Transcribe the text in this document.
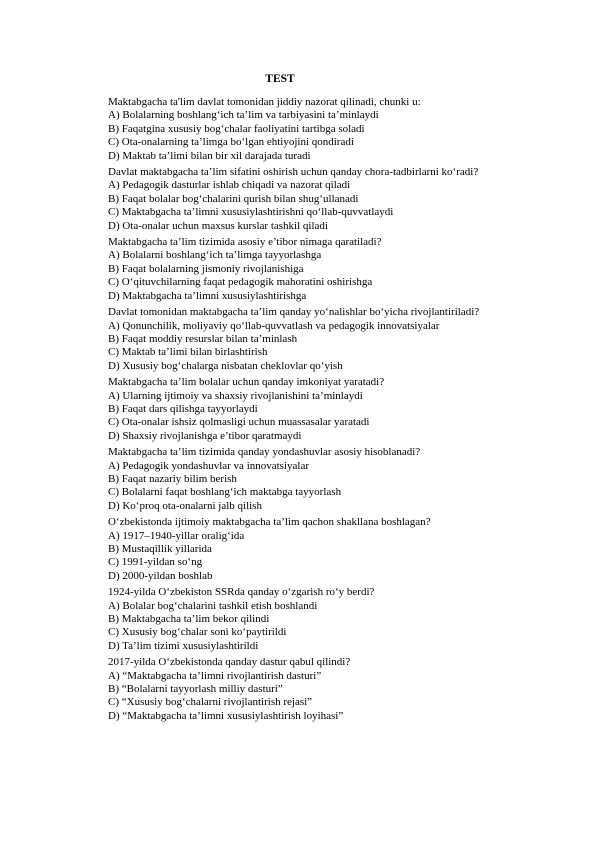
TEST
Maktabgacha ta'lim davlat tomonidan jiddiy nazorat qilinadi, chunki u:
A) Bolalarning boshlang‘ich ta’lim va tarbiyasini ta’minlaydi
B) Faqatgina xususiy bog‘chalar faoliyatini tartibga soladi
C) Ota-onalarning ta’limga bo‘lgan ehtiyojini qondiradi
D) Maktab ta’limi bilan bir xil darajada turadi
Davlat maktabgacha ta’lim sifatini oshirish uchun qanday chora-tadbirlarni ko‘radi?
A) Pedagogik dasturlar ishlab chiqadi va nazorat qiladi
B) Faqat bolalar bog‘chalarini qurish bilan shug‘ullanadi
C) Maktabgacha ta’limni xususiylashtirishni qo‘llab-quvvatlaydi
D) Ota-onalar uchun maxsus kurslar tashkil qiladi
Maktabgacha ta’lim tizimida asosiy e’tibor nimaga qaratiladi?
A) Bolalarni boshlang‘ich ta’limga tayyorlashga
B) Faqat bolalarning jismoniy rivojlanishiga
C) O‘qituvchilarning faqat pedagogik mahoratini oshirishga
D) Maktabgacha ta’limni xususiylashtirishga
Davlat tomonidan maktabgacha ta’lim qanday yo‘nalishlar bo‘yicha rivojlantiriladi?
A) Qonunchilik, moliyaviy qo‘llab-quvvatlash va pedagogik innovatsiyalar
B) Faqat moddiy resurslar bilan ta’minlash
C) Maktab ta’limi bilan birlashtirish
D) Xususiy bog‘chalarga nisbatan cheklovlar qo‘yish
Maktabgacha ta’lim bolalar uchun qanday imkoniyat yaratadi?
A) Ularning ijtimoiy va shaxsiy rivojlanishini ta’minlaydi
B) Faqat dars qilishga tayyorlaydi
C) Ota-onalar ishsiz qolmasligi uchun muassasalar yaratadi
D) Shaxsiy rivojlanishga e’tibor qaratmaydi
Maktabgacha ta’lim tizimida qanday yondashuvlar asosiy hisoblanadi?
A) Pedagogik yondashuvlar va innovatsiyalar
B) Faqat nazariy bilim berish
C) Bolalarni faqat boshlang‘ich maktabga tayyorlash
D) Ko‘proq ota-onalarni jalb qilish
O‘zbekistonda ijtimoiy maktabgacha ta’lim qachon shakllana boshlagan?
A) 1917–1940-yillar oralig‘ida
B) Mustaqillik yillarida
C) 1991-yildan so‘ng
D) 2000-yildan boshlab
1924-yilda O‘zbekiston SSRda qanday o‘zgarish ro‘y berdi?
A) Bolalar bog‘chalarini tashkil etish boshlandi
B) Maktabgacha ta’lim bekor qilindi
C) Xususiy bog‘chalar soni ko‘paytirildi
D) Ta’lim tizimi xususiylashtirildi
2017-yilda O‘zbekistonda qanday dastur qabul qilindi?
A) “Maktabgacha ta’limni rivojlantirish dasturi”
B) “Bolalarni tayyorlash milliy dasturi”
C) “Xususiy bog‘chalarni rivojlantirish rejasi”
D) “Maktabgacha ta’limni xususiylashtirish loyihasi”
